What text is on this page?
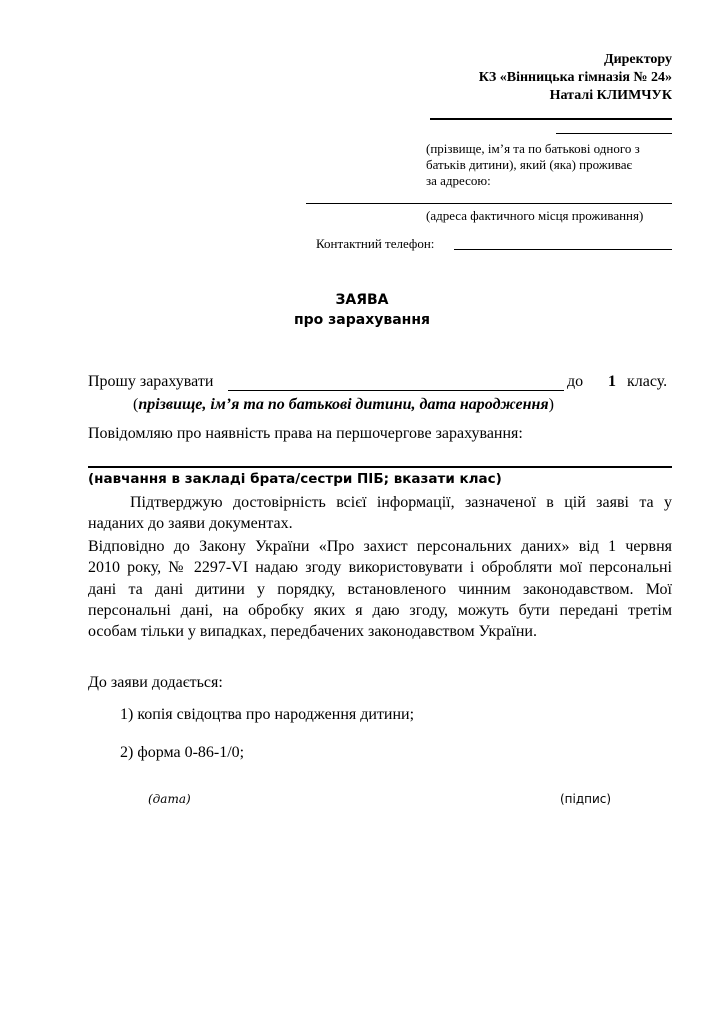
Директору
КЗ «Вінницька гімназія № 24»
Наталі КЛИМЧУК
(прізвище, ім’я та по батькові одного з
батьків дитини), який (яка) проживає
за адресою:
(адреса фактичного місця проживання)
Контактний телефон:
ЗАЯВА
про зарахування
Прошу зарахувати	до 1 класу.
(прізвище, ім’я та по батькові дитини, дата народження)
Повідомляю про наявність права на першочергове зарахування:
(навчання в закладі брата/сестри ПІБ; вказати клас)
Підтверджую достовірність всієї інформації, зазначеної в цій заяві та у
наданих до заяви документах.
Відповідно до Закону України «Про захист персональних даних» від 1 червня
2010 року, № 2297-VI надаю згоду використовувати і обробляти мої персональні
дані та дані дитини у порядку, встановленого чинним законодавством. Мої
персональні дані, на обробку яких я даю згоду, можуть бути передані третім
особам тільки у випадках, передбачених законодавством України.
До заяви додається:
1) копія свідоцтва про народження дитини;
2) форма 0-86-1/0;
(дата)	(підпис)
